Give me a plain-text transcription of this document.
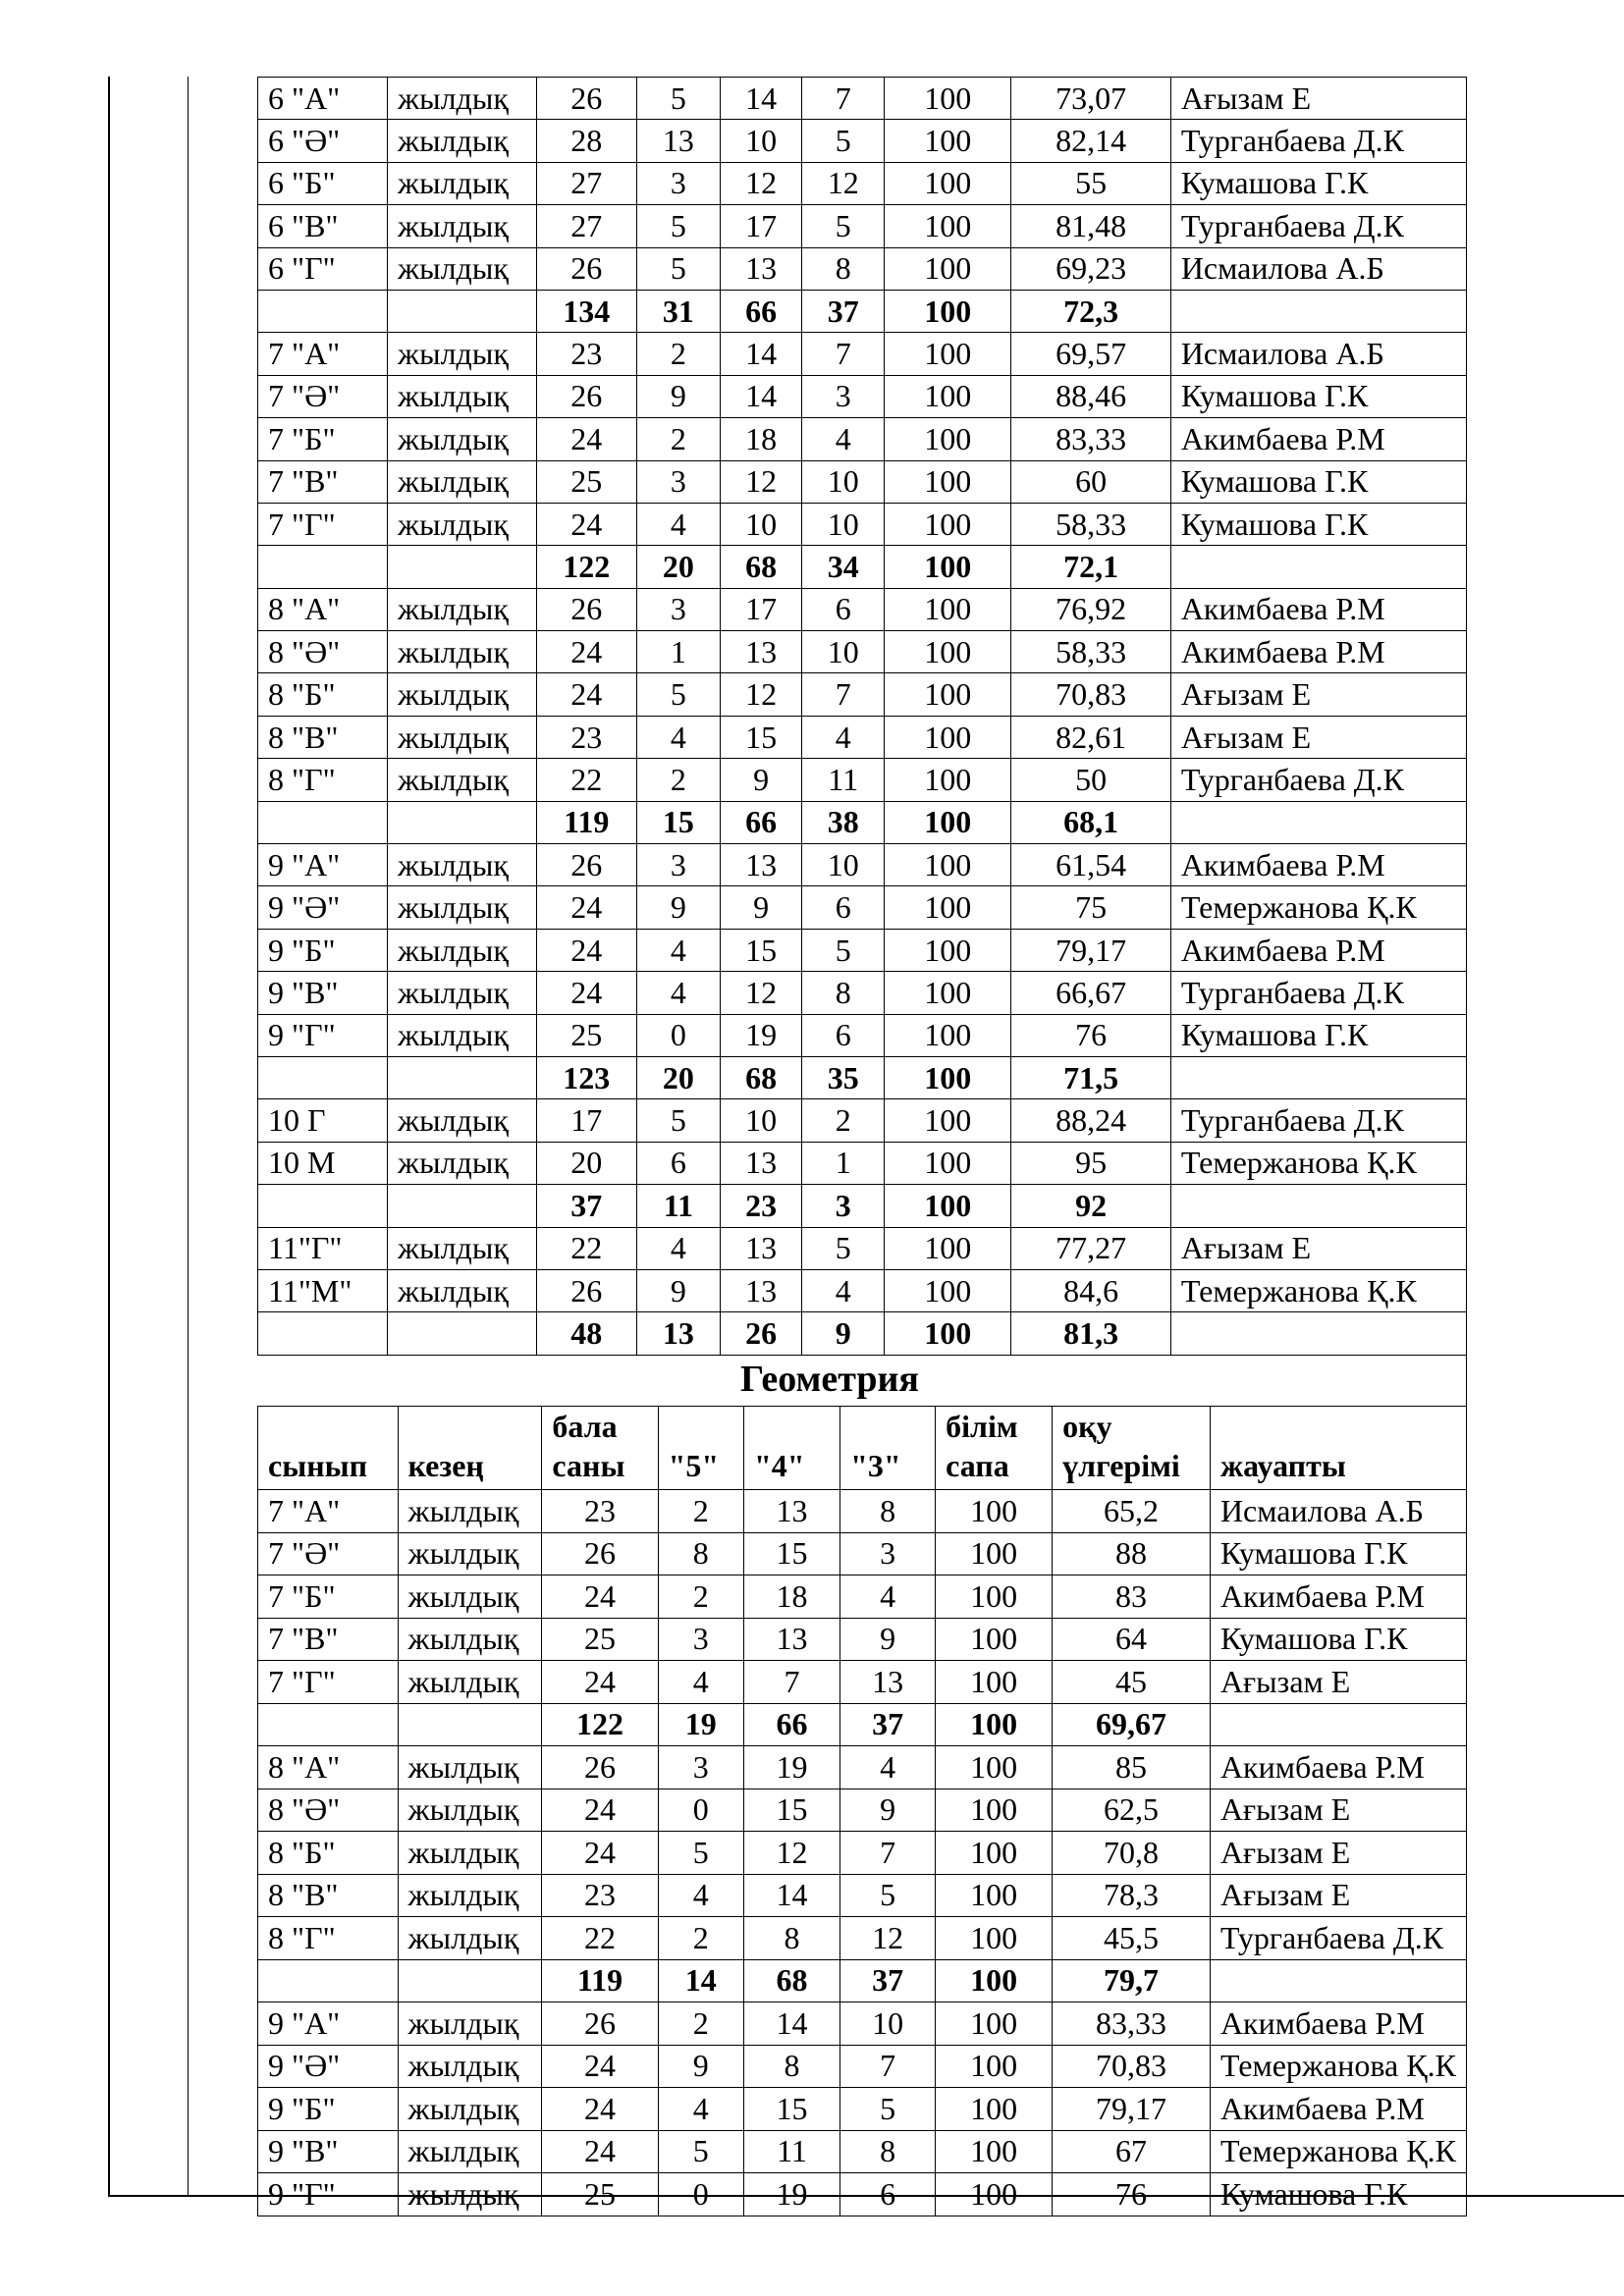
6 "А"	жылдық	26	5	14	7	100	73,07	Ағызам Е
6 "Ә"	жылдық	28	13	10	5	100	82,14	Турганбаева Д.К
6 "Б"	жылдық	27	3	12	12	100	55	Кумашова Г.К
6 "В"	жылдық	27	5	17	5	100	81,48	Турганбаева Д.К
6 "Г"	жылдық	26	5	13	8	100	69,23	Исмаилова А.Б
		134	31	66	37	100	72,3	
7 "А"	жылдық	23	2	14	7	100	69,57	Исмаилова А.Б
7 "Ә"	жылдық	26	9	14	3	100	88,46	Кумашова Г.К
7 "Б"	жылдық	24	2	18	4	100	83,33	Акимбаева Р.М
7 "В"	жылдық	25	3	12	10	100	60	Кумашова Г.К
7 "Г"	жылдық	24	4	10	10	100	58,33	Кумашова Г.К
		122	20	68	34	100	72,1	
8 "А"	жылдық	26	3	17	6	100	76,92	Акимбаева Р.М
8 "Ә"	жылдық	24	1	13	10	100	58,33	Акимбаева Р.М
8 "Б"	жылдық	24	5	12	7	100	70,83	Ағызам Е
8 "В"	жылдық	23	4	15	4	100	82,61	Ағызам Е
8 "Г"	жылдық	22	2	9	11	100	50	Турганбаева Д.К
		119	15	66	38	100	68,1	
9 "А"	жылдық	26	3	13	10	100	61,54	Акимбаева Р.М
9 "Ә"	жылдық	24	9	9	6	100	75	Темержанова Қ.К
9 "Б"	жылдық	24	4	15	5	100	79,17	Акимбаева Р.М
9 "В"	жылдық	24	4	12	8	100	66,67	Турганбаева Д.К
9 "Г"	жылдық	25	0	19	6	100	76	Кумашова Г.К
		123	20	68	35	100	71,5	
10 Г	жылдық	17	5	10	2	100	88,24	Турганбаева Д.К
10 М	жылдық	20	6	13	1	100	95	Темержанова Қ.К
		37	11	23	3	100	92	
11"Г"	жылдық	22	4	13	5	100	77,27	Ағызам Е
11"М"	жылдық	26	9	13	4	100	84,6	Темержанова Қ.К
		48	13	26	9	100	81,3	
Геометрия
сынып	кезең	бала саны	"5"	"4"	"3"	білім сапа	оқу үлгерімі	жауапты
7 "А"	жылдық	23	2	13	8	100	65,2	Исмаилова А.Б
7 "Ә"	жылдық	26	8	15	3	100	88	Кумашова Г.К
7 "Б"	жылдық	24	2	18	4	100	83	Акимбаева Р.М
7 "В"	жылдық	25	3	13	9	100	64	Кумашова Г.К
7 "Г"	жылдық	24	4	7	13	100	45	Ағызам Е
		122	19	66	37	100	69,67	
8 "А"	жылдық	26	3	19	4	100	85	Акимбаева Р.М
8 "Ә"	жылдық	24	0	15	9	100	62,5	Ағызам Е
8 "Б"	жылдық	24	5	12	7	100	70,8	Ағызам Е
8 "В"	жылдық	23	4	14	5	100	78,3	Ағызам Е
8 "Г"	жылдық	22	2	8	12	100	45,5	Турганбаева Д.К
		119	14	68	37	100	79,7	
9 "А"	жылдық	26	2	14	10	100	83,33	Акимбаева Р.М
9 "Ә"	жылдық	24	9	8	7	100	70,83	Темержанова Қ.К
9 "Б"	жылдық	24	4	15	5	100	79,17	Акимбаева Р.М
9 "В"	жылдық	24	5	11	8	100	67	Темержанова Қ.К
9 "Г"	жылдық	25	0	19	6	100	76	Кумашова Г.К
